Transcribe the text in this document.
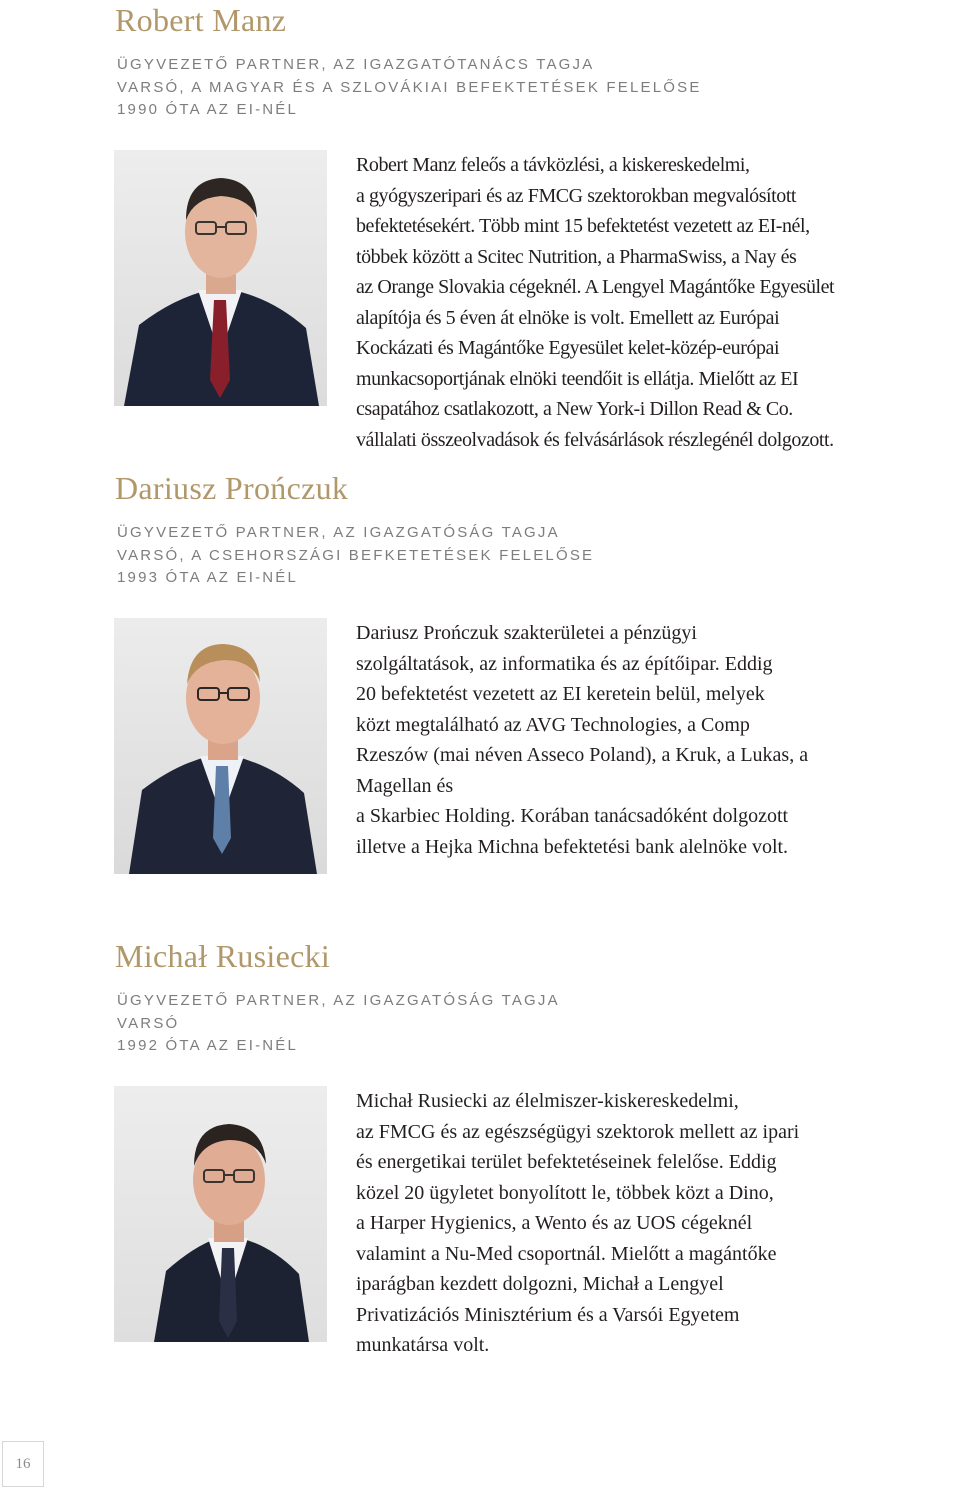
Robert Manz
ÜGYVEZETŐ PARTNER, AZ IGAZGATÓTANÁCS TAGJA
VARSÓ, A MAGYAR ÉS A SZLOVÁKIAI BEFEKTETÉSEK FELELŐSE
1990 ÓTA AZ EI-NÉL

Robert Manz feleős a távközlési, a kiskereskedelmi,
a gyógyszeripari és az FMCG szektorokban megvalósított
befektetésekért. Több mint 15 befektetést vezetett az EI-nél,
többek között a Scitec Nutrition, a PharmaSwiss, a Nay és
az Orange Slovakia cégeknél. A Lengyel Magántőke Egyesület
alapítója és 5 éven át elnöke is volt. Emellett az Európai
Kockázati és Magántőke Egyesület kelet-közép-európai
munkacsoportjának elnöki teendőit is ellátja. Mielőtt az EI
csapatához csatlakozott, a New York-i Dillon Read & Co.
vállalati összeolvadások és felvásárlások részlegénél dolgozott.

Dariusz Prończuk
ÜGYVEZETŐ PARTNER, AZ IGAZGATÓSÁG TAGJA
VARSÓ, A CSEHORSZÁGI BEFKETETÉSEK FELELŐSE
1993 ÓTA AZ EI-NÉL

Dariusz Prończuk szakterületei a pénzügyi
szolgáltatások, az informatika és az építőipar. Eddig
20 befektetést vezetett az EI keretein belül, melyek
közt megtalálható az AVG Technologies, a Comp
Rzeszów (mai néven Asseco Poland), a Kruk, a Lukas, a
Magellan és
a Skarbiec Holding. Korában tanácsadóként dolgozott
illetve a Hejka Michna befektetési bank alelnöke volt.

Michał Rusiecki
ÜGYVEZETŐ PARTNER, AZ IGAZGATÓSÁG TAGJA
VARSÓ
1992 ÓTA AZ EI-NÉL

Michał Rusiecki az élelmiszer-kiskereskedelmi,
az FMCG és az egészségügyi szektorok mellett az ipari
és energetikai terület befektetéseinek felelőse. Eddig
közel 20 ügyletet bonyolított le, többek közt a Dino,
a Harper Hygienics, a Wento és az UOS cégeknél
valamint a Nu-Med csoportnál. Mielőtt a magántőke
iparágban kezdett dolgozni, Michał a Lengyel
Privatizációs Minisztérium és a Varsói Egyetem
munkatársa volt.

16
